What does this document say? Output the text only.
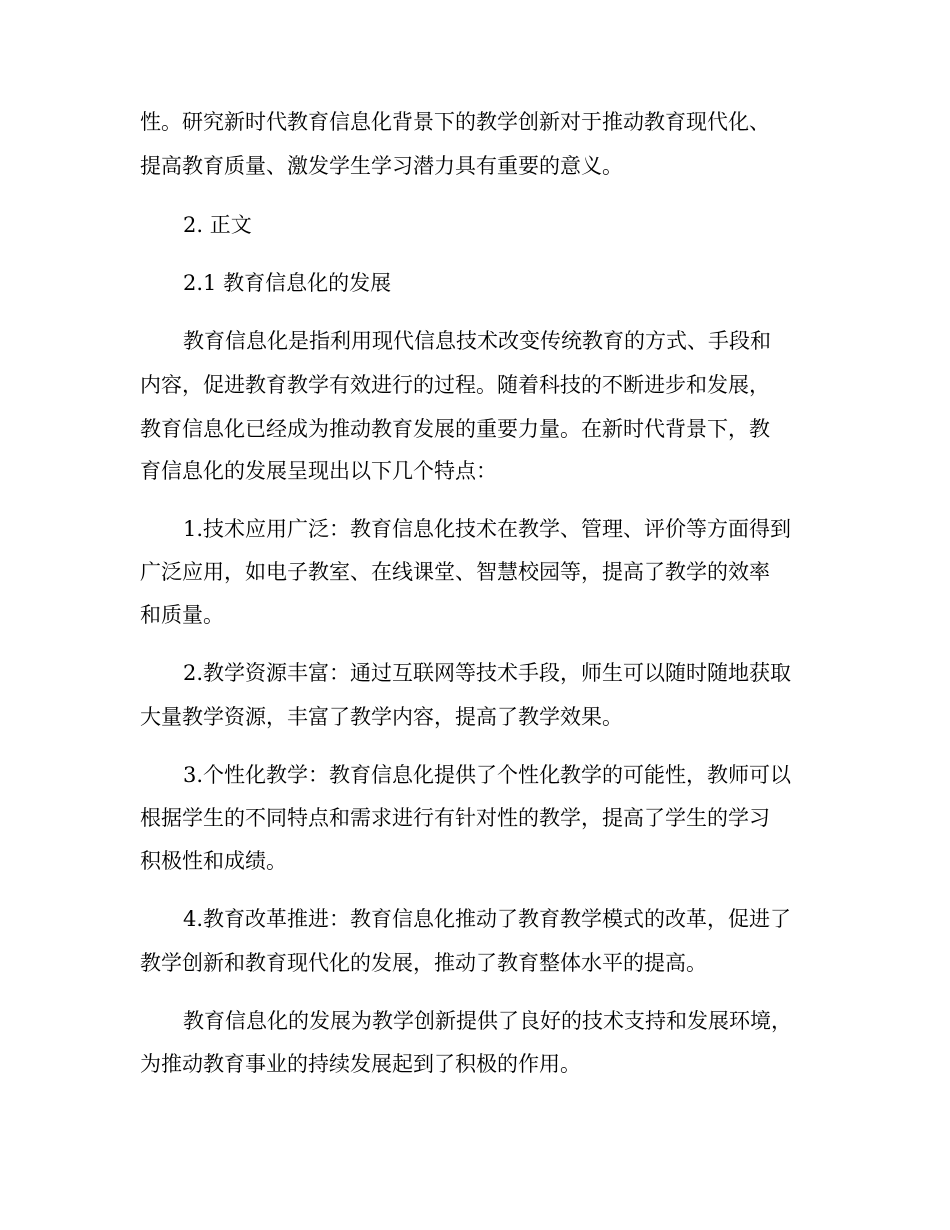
性。研究新时代教育信息化背景下的教学创新对于推动教育现代化、
提高教育质量、激发学生学习潜力具有重要的意义。
2. 正文
2.1 教育信息化的发展
教育信息化是指利用现代信息技术改变传统教育的方式、手段和
内容，促进教育教学有效进行的过程。随着科技的不断进步和发展，
教育信息化已经成为推动教育发展的重要力量。在新时代背景下，教
育信息化的发展呈现出以下几个特点：
1.技术应用广泛：教育信息化技术在教学、管理、评价等方面得到
广泛应用，如电子教室、在线课堂、智慧校园等，提高了教学的效率
和质量。
2.教学资源丰富：通过互联网等技术手段，师生可以随时随地获取
大量教学资源，丰富了教学内容，提高了教学效果。
3.个性化教学：教育信息化提供了个性化教学的可能性，教师可以
根据学生的不同特点和需求进行有针对性的教学，提高了学生的学习
积极性和成绩。
4.教育改革推进：教育信息化推动了教育教学模式的改革，促进了
教学创新和教育现代化的发展，推动了教育整体水平的提高。
教育信息化的发展为教学创新提供了良好的技术支持和发展环境，
为推动教育事业的持续发展起到了积极的作用。
